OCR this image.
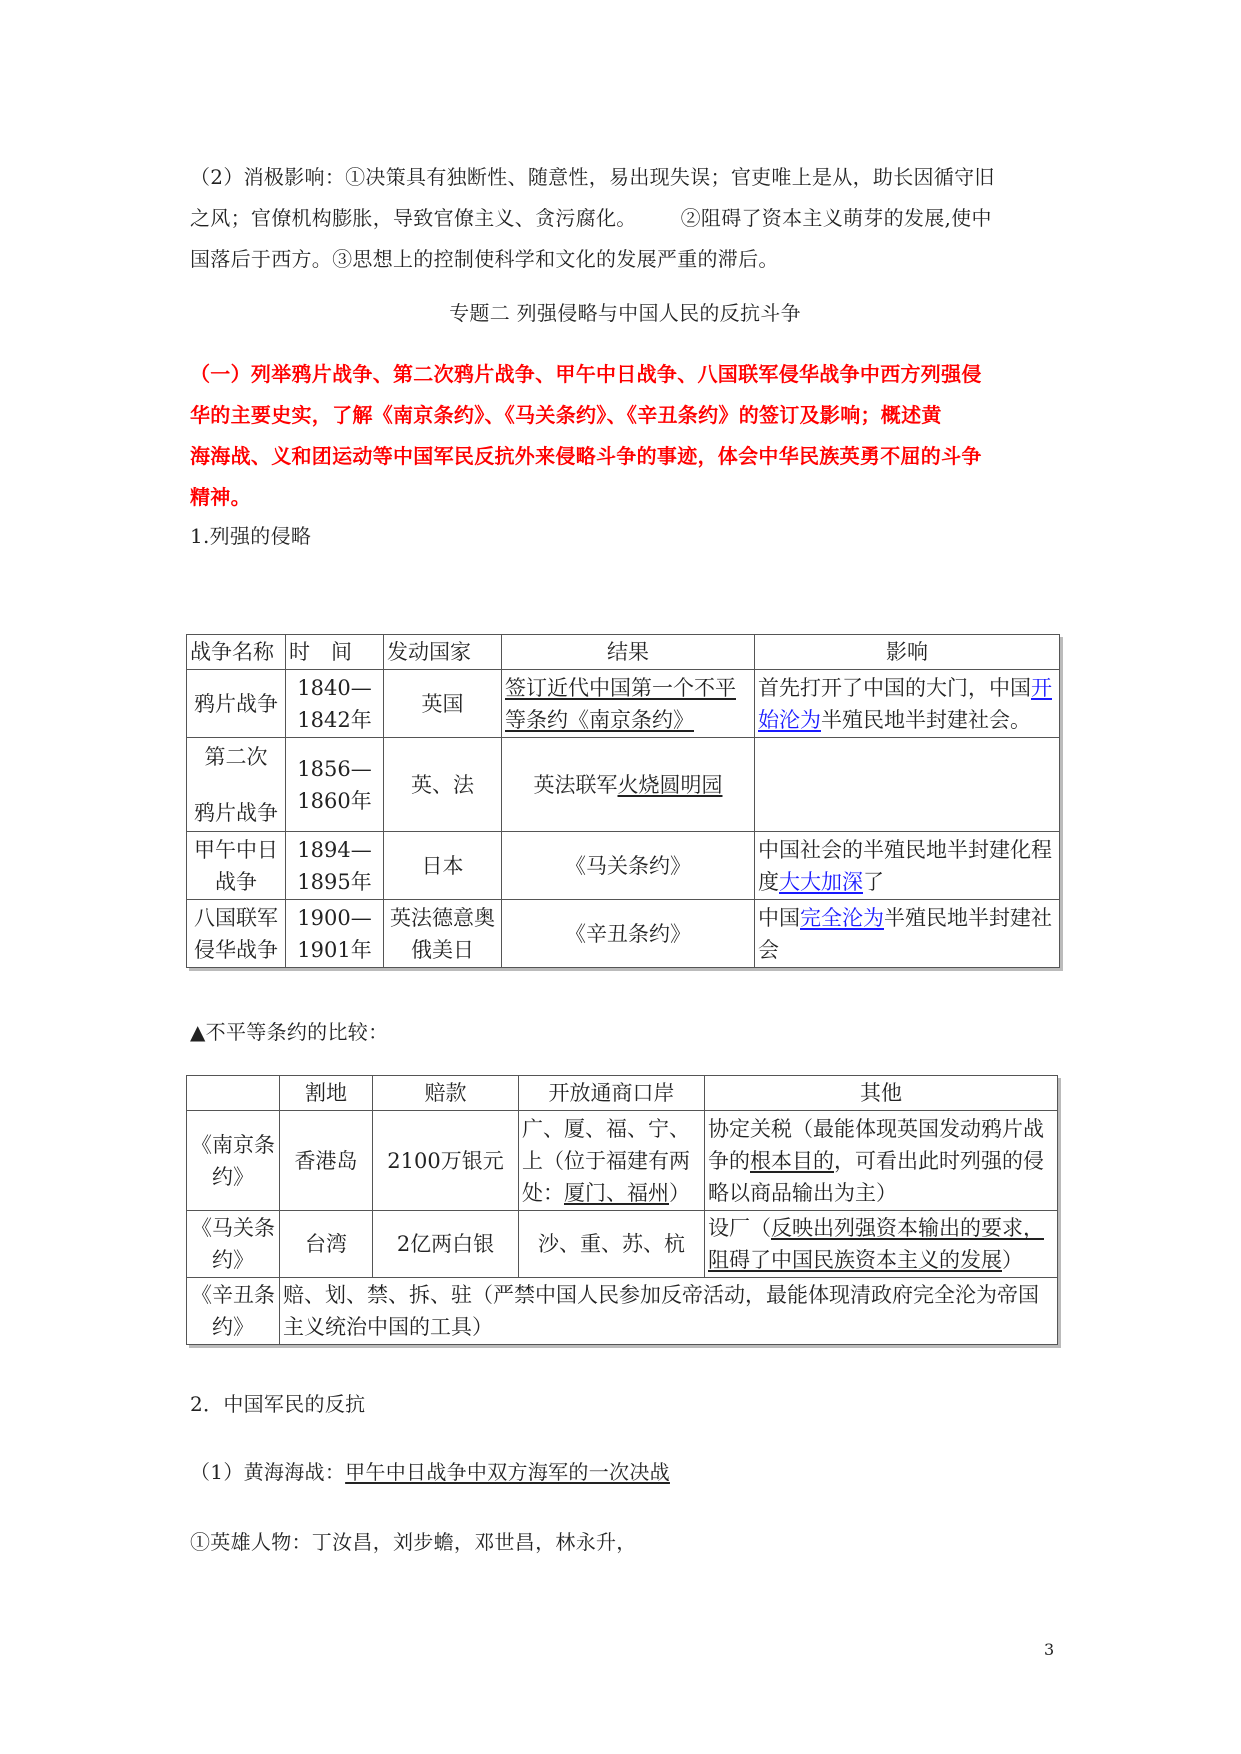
（2）消极影响：①决策具有独断性、随意性，易出现失误；官吏唯上是从，助长因循守旧
之风；官僚机构膨胀，导致官僚主义、贪污腐化。 ②阻碍了资本主义萌芽的发展,使中
国落后于西方。③思想上的控制使科学和文化的发展严重的滞后。
专题二 列强侵略与中国人民的反抗斗争
（一）列举鸦片战争、第二次鸦片战争、甲午中日战争、八国联军侵华战争中西方列强侵
华的主要史实，了解《南京条约》、《马关条约》、《辛丑条约》的签订及影响；概述黄
海海战、义和团运动等中国军民反抗外来侵略斗争的事迹，体会中华民族英勇不屈的斗争
精神。
1.列强的侵略
战争名称	时　间	发动国家	结果	影响
鸦片战争	1840—1842年	英国	签订近代中国第一个不平等条约《南京条约》	首先打开了中国的大门，中国开始沦为半殖民地半封建社会。

第二次
鸦片战争	1856—1860年	英、法	英法联军火烧圆明园	
甲午中日战争	1894—1895年	日本	《马关条约》	中国社会的半殖民地半封建化程度大大加深了
八国联军侵华战争	1900—1901年	英法德意奥俄美日	《辛丑条约》	中国完全沦为半殖民地半封建社会
▲不平等条约的比较：
	割地	赔款	开放通商口岸	其他
《南京条约》	香港岛	2100万银元	广、厦、福、宁、上（位于福建有两处：厦门、福州）	协定关税（最能体现英国发动鸦片战争的根本目的，可看出此时列强的侵略以商品输出为主）
《马关条约》	台湾	2亿两白银	沙、重、苏、杭	设厂（反映出列强资本输出的要求，阻碍了中国民族资本主义的发展）
《辛丑条约》	赔、划、禁、拆、驻（严禁中国人民参加反帝活动，最能体现清政府完全沦为帝国主义统治中国的工具）			
2．中国军民的反抗
（1）黄海海战：甲午中日战争中双方海军的一次决战
①英雄人物：丁汝昌，刘步蟾，邓世昌，林永升，
3
